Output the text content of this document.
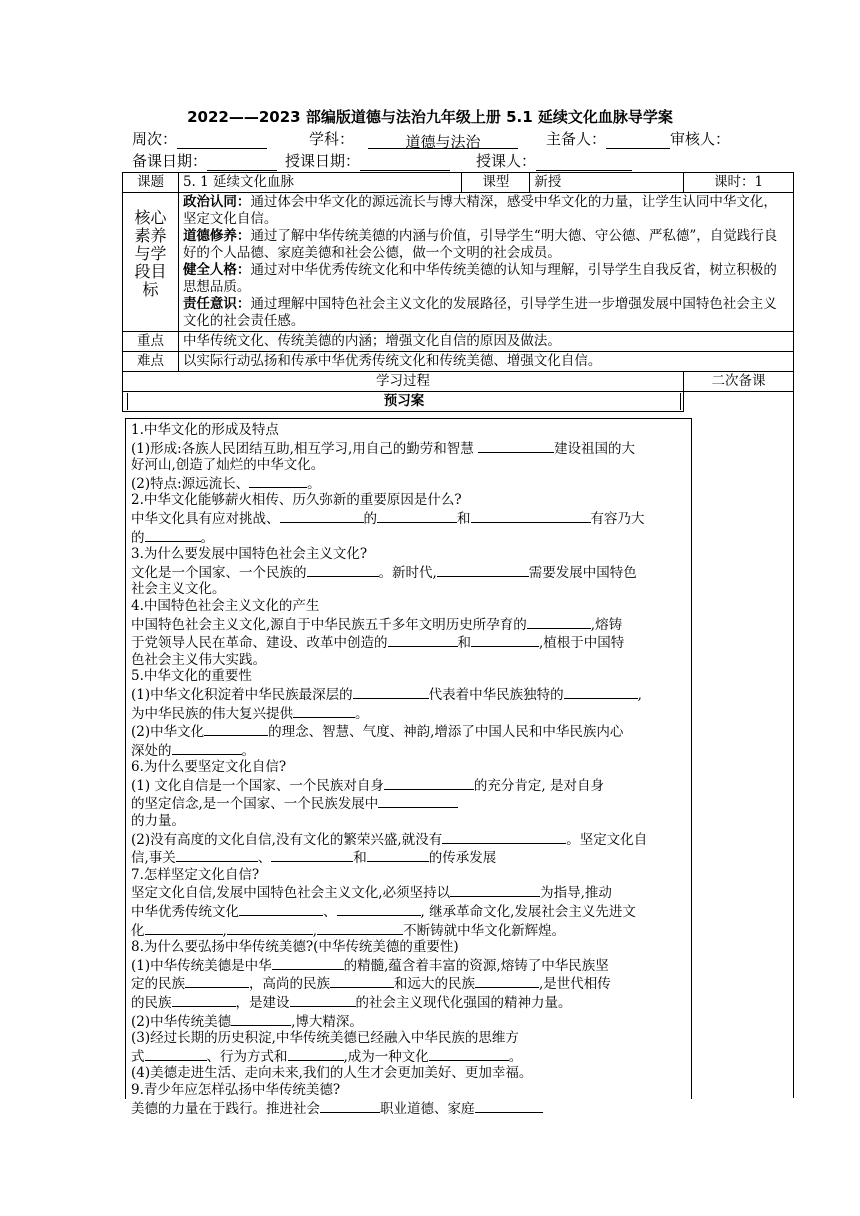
2022——2023 部编版道德与法治九年级上册 5.1 延续文化血脉导学案
周次：	学科：	道德与法治	主备人：	审核人：
备课日期：	授课日期：	授课人：
课题	5. 1 延续文化血脉	课型	新授	课时：1
核心素养与学段目标	政治认同：通过体会中华文化的源远流长与博大精深，感受中华文化的力量，让学生认同中华文化，坚定文化自信。
道德修养：通过了解中华传统美德的内涵与价值，引导学生“明大德、守公德、严私德”，自觉践行良好的个人品德、家庭美德和社会公德，做一个文明的社会成员。
健全人格：通过对中华优秀传统文化和中华传统美德的认知与理解，引导学生自我反省，树立积极的思想品质。
责任意识：通过理解中国特色社会主义文化的发展路径，引导学生进一步增强发展中国特色社会主义文化的社会责任感。			

重点	中华传统文化、传统美德的内涵；增强文化自信的原因及做法。			
难点	以实际行动弘扬和传承中华优秀传统文化和传统美德、增强文化自信。			
学习过程				二次备课
预习案				

1.中华文化的形成及特点

(1)形成:各族人民团结互助,相互学习,用自己的勤劳和智慧	建设祖国的大

好河山,创造了灿烂的中华文化。

(2)特点:源远流长、	。

2.中华文化能够薪火相传、历久弥新的重要原因是什么?

中华文化具有应对挑战、	的	和	有容乃大

的	。

3.为什么要发展中国特色社会主义文化?

文化是一个国家、一个民族的	。新时代,	需要发展中国特色

社会主义文化。

4.中国特色社会主义文化的产生

中国特色社会主义文化,源自于中华民族五千多年文明历史所孕育的	,熔铸

于党领导人民在革命、建设、改革中创造的	和	,植根于中国特

色社会主义伟大实践。

5.中华文化的重要性

(1)中华文化积淀着中华民族最深层的	代表着中华民族独特的	,

为中华民族的伟大复兴提供	。

(2)中华文化	的理念、智慧、气度、神韵,增添了中国人民和中华民族内心

深处的	。

6.为什么要坚定文化自信?

(1) 文化自信是一个国家、一个民族对自身	的充分肯定, 是对自身

的坚定信念,是一个国家、一个民族发展中

的力量。

(2)没有高度的文化自信,没有文化的繁荣兴盛,就没有	。坚定文化自

信,事关	、	和	的传承发展

7.怎样坚定文化自信?

坚定文化自信,发展中国特色社会主义文化,必须坚持以	为指导,推动

中华优秀传统文化	、	, 继承革命文化,发展社会主义先进文

化	,	,	不断铸就中华文化新辉煌。

8.为什么要弘扬中华传统美德?(中华传统美德的重要性)

(1)中华传统美德是中华	的精髓,蕴含着丰富的资源,熔铸了中华民族坚

定的民族	，高尚的民族	和远大的民族	,是世代相传

的民族	，是建设	的社会主义现代化强国的精神力量。

(2)中华传统美德	,博大精深。

(3)经过长期的历史积淀,中华传统美德已经融入中华民族的思维方

式	、行为方式和	,成为一种文化	。

(4)美德走进生活、走向未来,我们的人生才会更加美好、更加幸福。

9.青少年应怎样弘扬中华传统美德?

美德的力量在于践行。推进社会	职业道德、家庭
